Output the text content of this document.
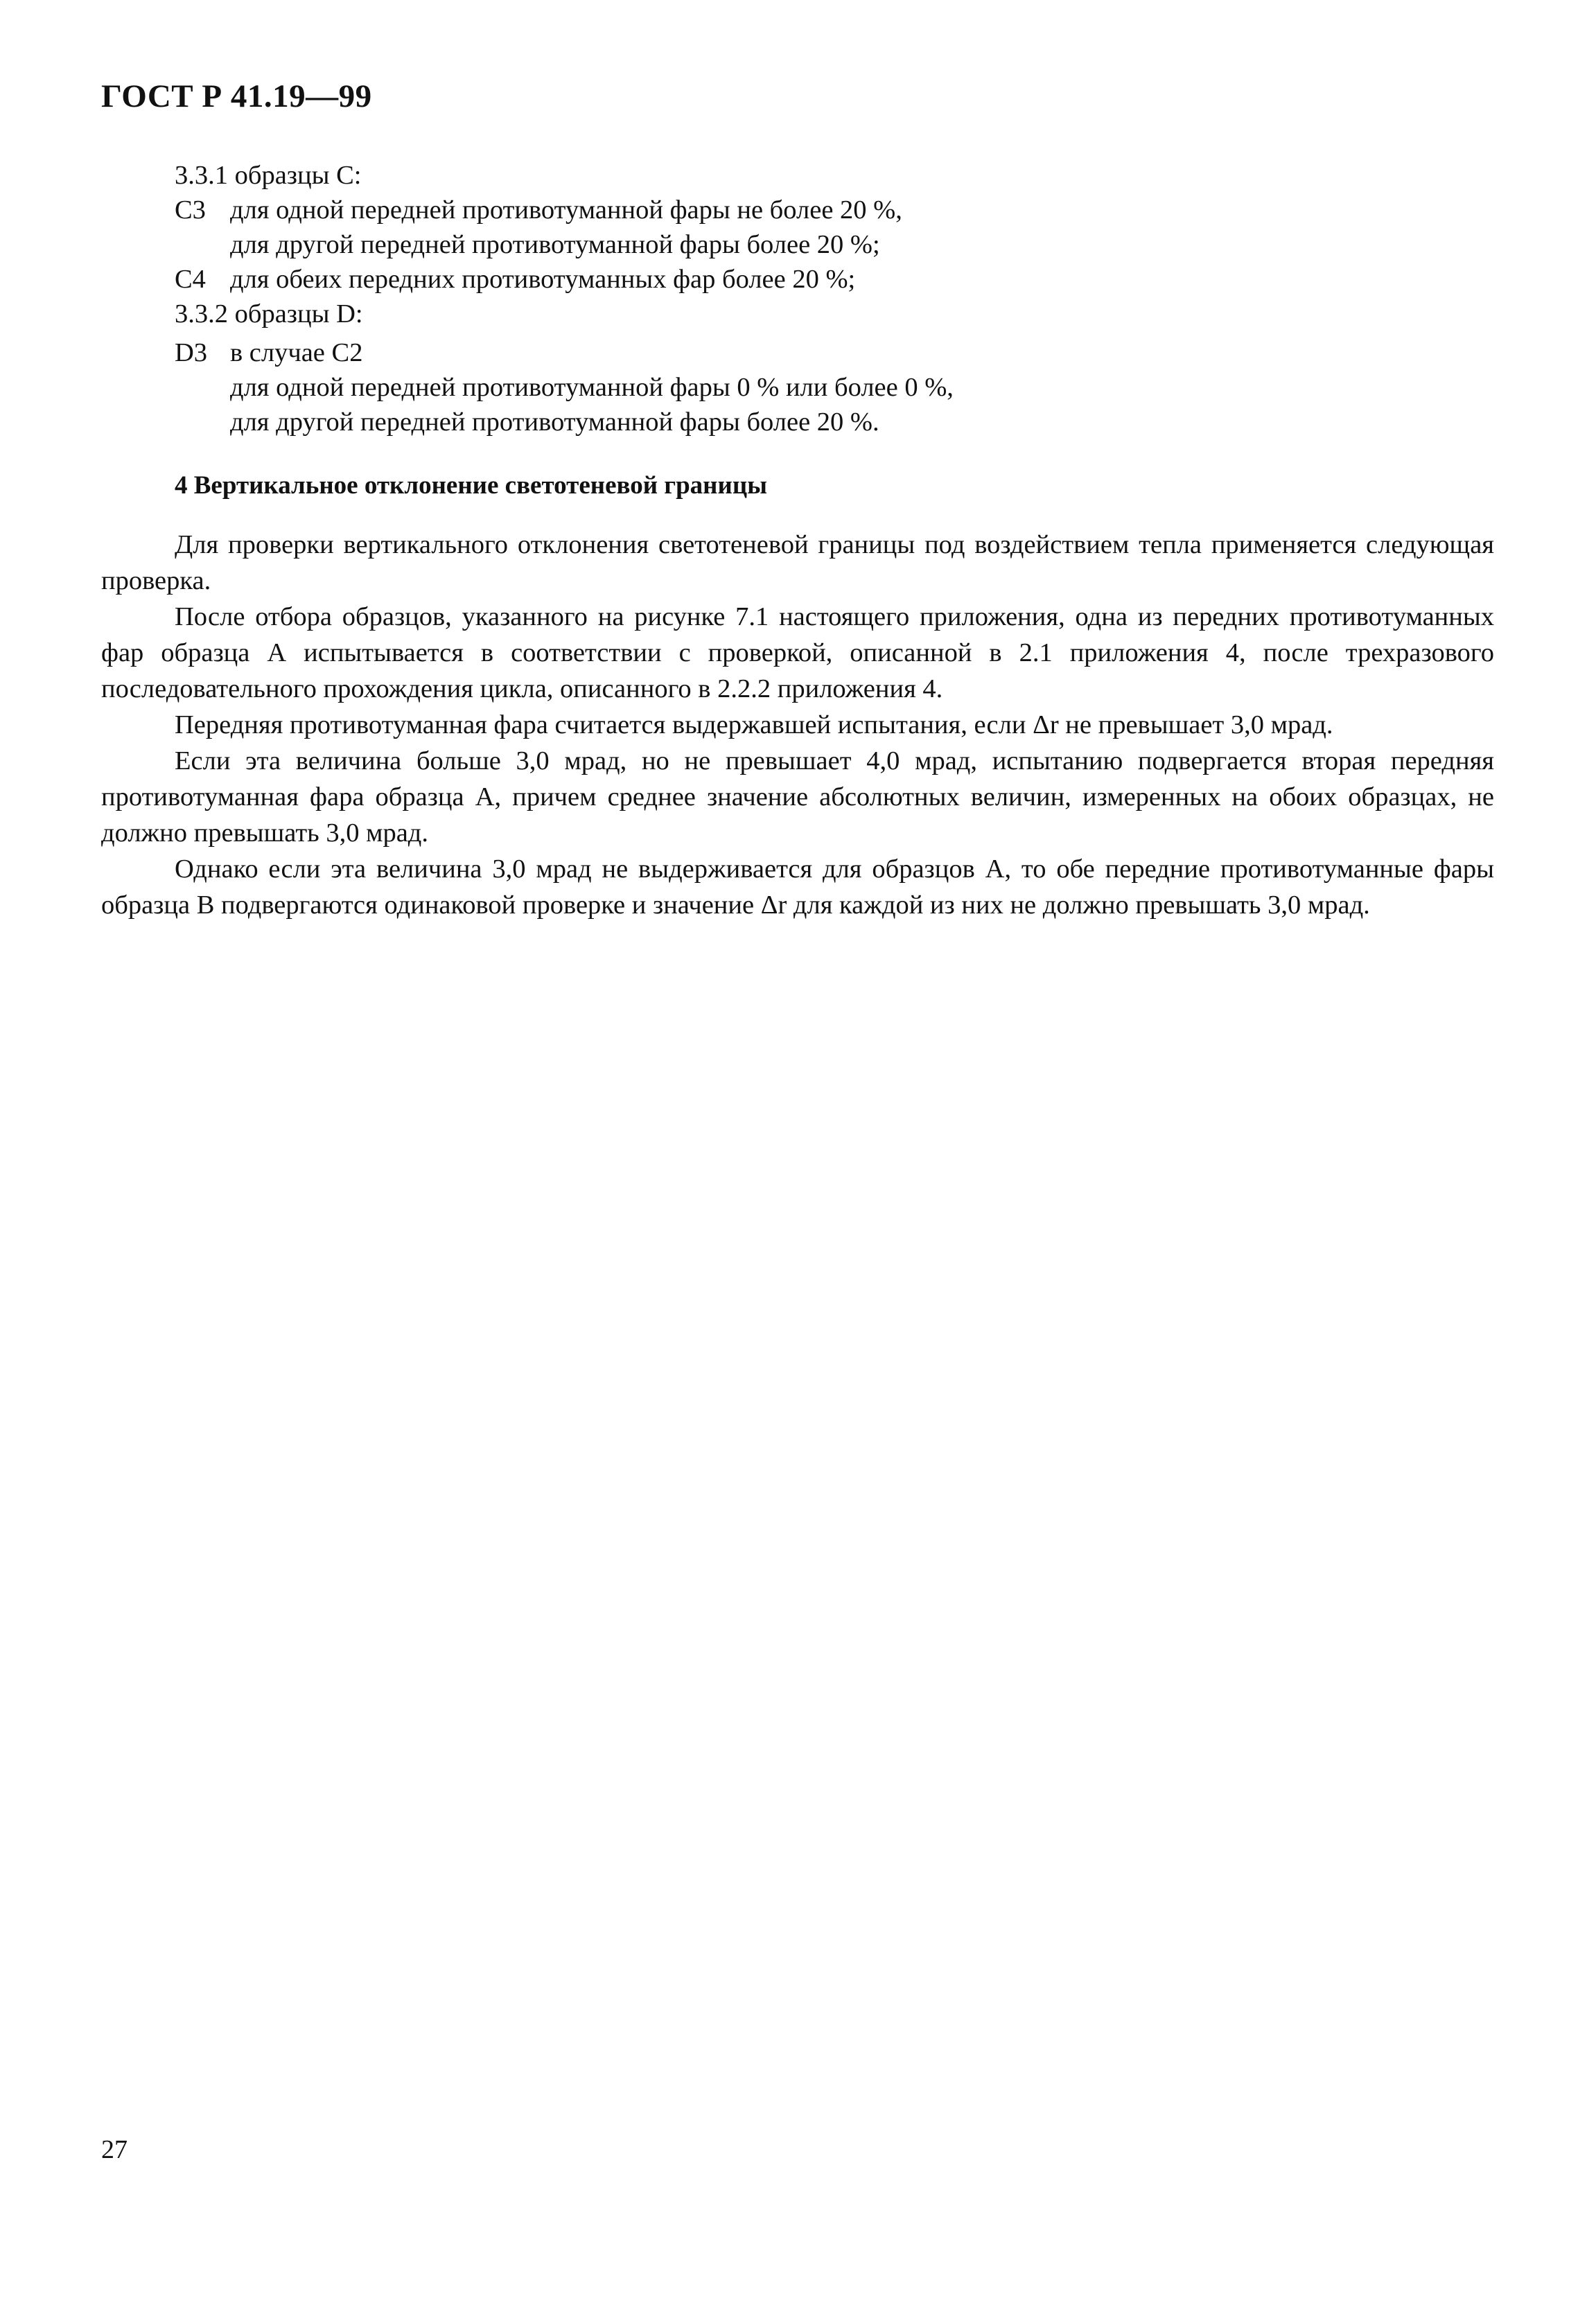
ГОСТ Р 41.19—99

3.3.1 образцы С:

С3 для одной передней противотуманной фары не более 20 %,

для другой передней противотуманной фары более 20 %;

С4 для обеих передних противотуманных фар более 20 %;

3.3.2 образцы D:

D3 в случае С2

для одной передней противотуманной фары 0 % или более 0 %,

для другой передней противотуманной фары более 20 %.

4 Вертикальное отклонение светотеневой границы

Для проверки вертикального отклонения светотеневой границы под воздействием тепла применяется следующая проверка.

После отбора образцов, указанного на рисунке 7.1 настоящего приложения, одна из передних противотуманных фар образца А испытывается в соответствии с проверкой, описанной в 2.1 приложения 4, после трехразового последовательного прохождения цикла, описанного в 2.2.2 приложения 4.

Передняя противотуманная фара считается выдержавшей испытания, если Δr не превышает 3,0 мрад.

Если эта величина больше 3,0 мрад, но не превышает 4,0 мрад, испытанию подвергается вторая передняя противотуманная фара образца А, причем среднее значение абсолютных величин, измеренных на обоих образцах, не должно превышать 3,0 мрад.

Однако если эта величина 3,0 мрад не выдерживается для образцов А, то обе передние противотуманные фары образца В подвергаются одинаковой проверке и значение Δr для каждой из них не должно превышать 3,0 мрад.

27
